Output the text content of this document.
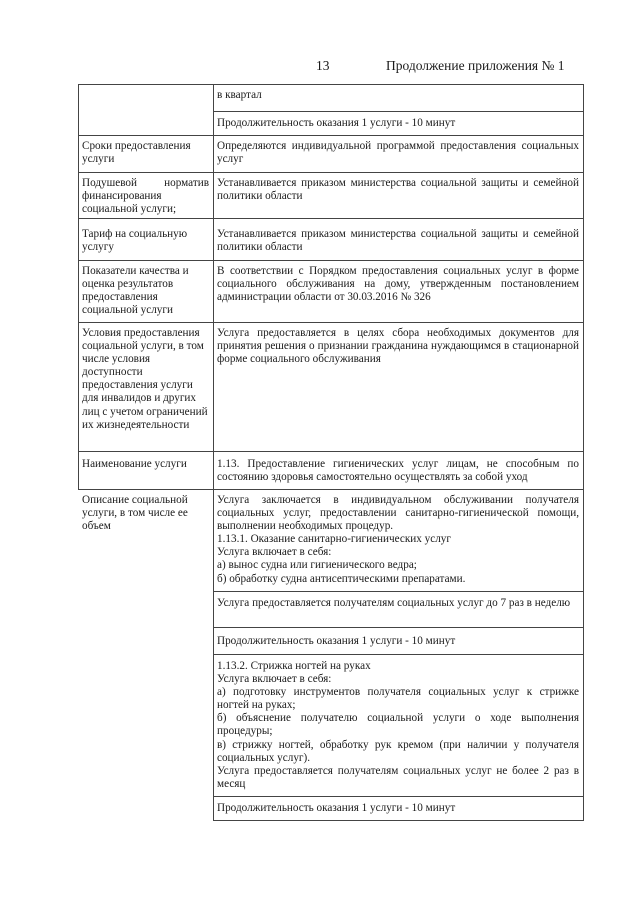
13	Продолжение приложения № 1
в квартал
Продолжительность оказания 1 услуги - 10 минут
Сроки предоставления услуги
Определяются индивидуальной программой предоставления социальных услуг
Подушевой норматив финансирования социальной услуги;
Устанавливается приказом министерства социальной защиты и семейной политики области
Тариф на социальную услугу
Устанавливается приказом министерства социальной защиты и семейной политики области
Показатели качества и оценка результатов предоставления социальной услуги
В соответствии с Порядком предоставления социальных услуг в форме социального обслуживания на дому, утвержденным постановлением администрации области от 30.03.2016 № 326
Условия предоставления социальной услуги, в том числе условия доступности предоставления услуги для инвалидов и других лиц с учетом ограничений их жизнедеятельности
Услуга предоставляется в целях сбора необходимых документов для принятия решения о признании гражданина нуждающимся в стационарной форме социального обслуживания
Наименование услуги	1.13. Предоставление гигиенических услуг лицам, не способным по состоянию здоровья самостоятельно осуществлять за собой уход
Описание социальной услуги, в том числе ее объем
Услуга заключается в индивидуальном обслуживании получателя социальных услуг, предоставлении санитарно-гигиенической помощи, выполнении необходимых процедур.
1.13.1. Оказание санитарно-гигиенических услуг
Услуга включает в себя:
а) вынос судна или гигиенического ведра;
б) обработку судна антисептическими препаратами.
Услуга предоставляется получателям социальных услуг до 7 раз в неделю
Продолжительность оказания 1 услуги - 10 минут
1.13.2. Стрижка ногтей на руках
Услуга включает в себя:
а) подготовку инструментов получателя социальных услуг к стрижке ногтей на руках;
б) объяснение получателю социальной услуги о ходе выполнения процедуры;
в) стрижку ногтей, обработку рук кремом (при наличии у получателя социальных услуг).
Услуга предоставляется получателям социальных услуг не более 2 раз в месяц
Продолжительность оказания 1 услуги - 10 минут
